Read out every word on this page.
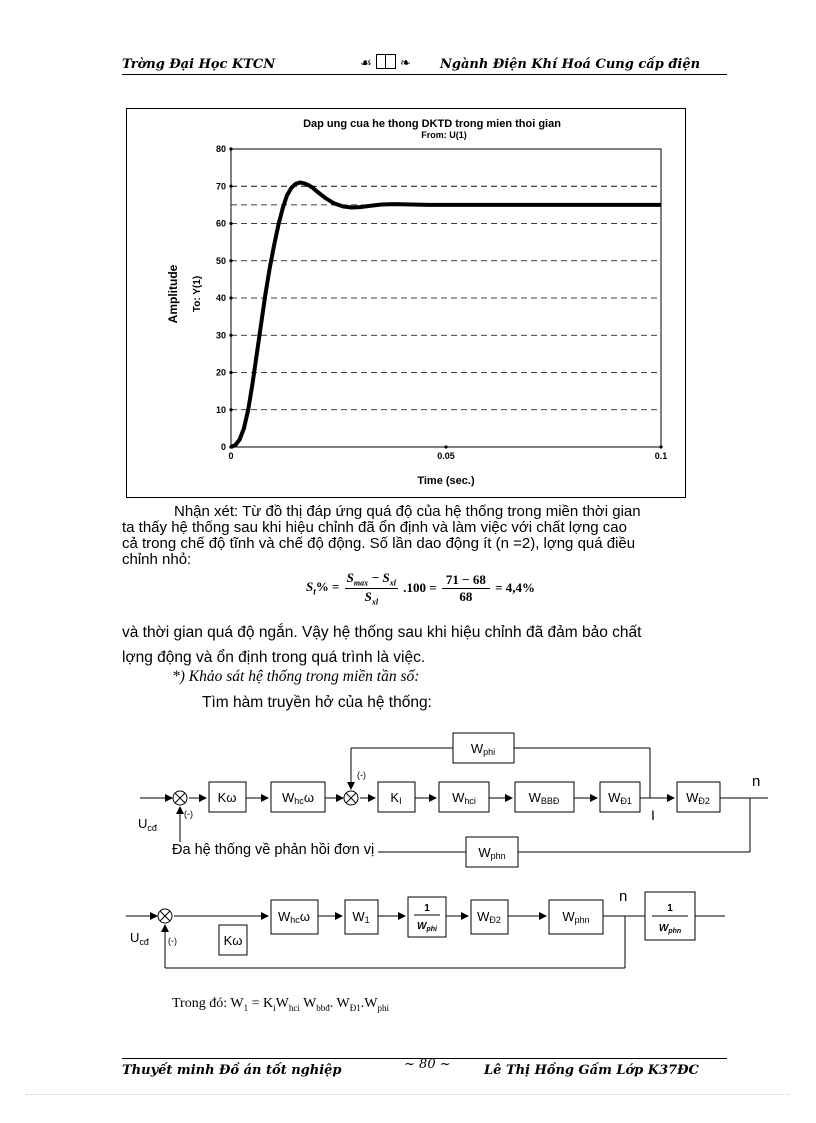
Trờng Đại Học KTCN	☙ ❧ Ngành Điện Khí Hoá Cung cấp điện
Dap ung cua he thong DKTD trong mien thoi gian
From: U(1)
Amplitude To: Y(1)
Time (sec.)
0
10
20
30
40
50
60
70
80
0	0.05	0.1
Nhận xét: Từ đồ thị đáp ứng quá độ của hệ thống trong miền thời gian
ta thấy hệ thống sau khi hiệu chỉnh đã ổn định và làm việc với chất lợng cao
cả trong chế độ tĩnh và chế độ động. Số lần dao động ít (n =2), lợng quá điều
chỉnh nhỏ:
$S_t\%$ =
$S_{max} - S_{xl}$
$S_{xl}$
$.100 = \frac{71 - 68}{68} = 4,4\%$
và thời gian quá độ ngắn. Vậy hệ thống sau khi hiệu chỉnh đã đảm bảo chất
lợng động và ổn định trong quá trình là việc.
*) Khảo sát hệ thống trong miền tần số:
Tìm hàm truyền hở của hệ thống:
$U_{cđ}$
n
I
(-)
(-)
Kω	Whcω	KI	Whci	WBBĐ	WĐ1	WĐ2
Wphi
Wphn
Đa hệ thống về phản hồi đơn vị
$U_{cđ}$
n
(-)	Kω
Whcω	W1
1
$W_{phi}$
WĐ2	Wphn
1
$W_{phn}$
Trong đó: $W_1 = K_iW_{hci}$ $W_{bbđ}$. $W_{Đ1}.W_{phi}$
Thuyết minh Đồ án tốt nghiệp	~ 80 ~	Lê Thị Hồng Gấm Lớp K37ĐC
